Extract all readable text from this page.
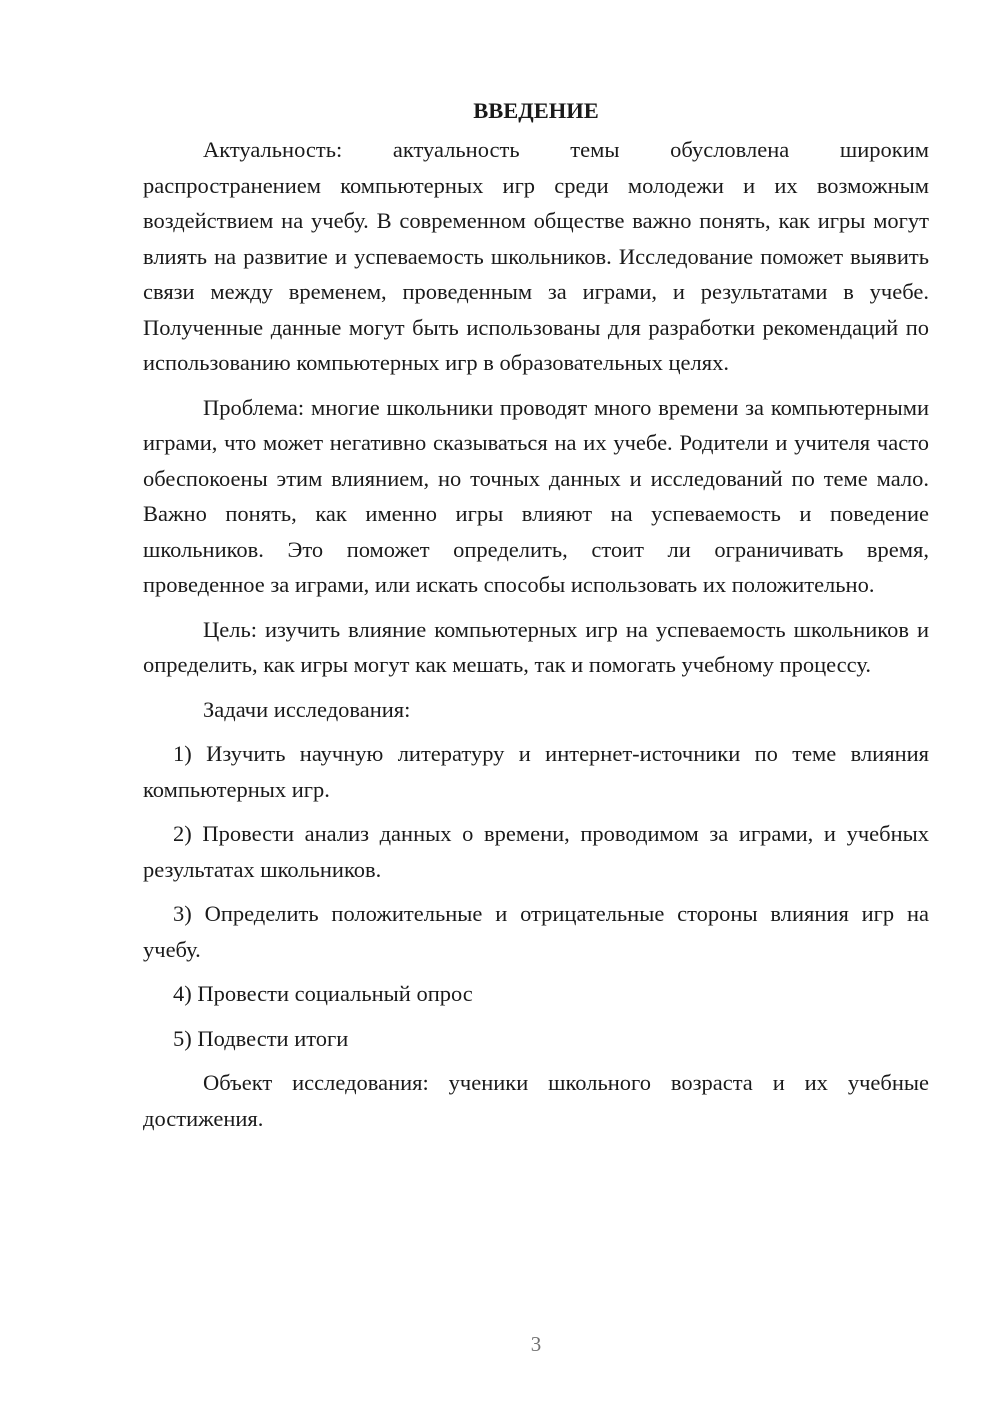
ВВЕДЕНИЕ

Актуальность: актуальность темы обусловлена широким распространением компьютерных игр среди молодежи и их возможным воздействием на учебу. В современном обществе важно понять, как игры могут влиять на развитие и успеваемость школьников. Исследование поможет выявить связи между временем, проведенным за играми, и результатами в учебе. Полученные данные могут быть использованы для разработки рекомендаций по использованию компьютерных игр в образовательных целях.

Проблема: многие школьники проводят много времени за компьютерными играми, что может негативно сказываться на их учебе. Родители и учителя часто обеспокоены этим влиянием, но точных данных и исследований по теме мало. Важно понять, как именно игры влияют на успеваемость и поведение школьников. Это поможет определить, стоит ли ограничивать время, проведенное за играми, или искать способы использовать их положительно.

Цель: изучить влияние компьютерных игр на успеваемость школьников и определить, как игры могут как мешать, так и помогать учебному процессу.

Задачи исследования:

1) Изучить научную литературу и интернет-источники по теме влияния компьютерных игр.

2) Провести анализ данных о времени, проводимом за играми, и учебных результатах школьников.

3) Определить положительные и отрицательные стороны влияния игр на учебу.

4) Провести социальный опрос

5) Подвести итоги

Объект исследования: ученики школьного возраста и их учебные достижения.

3
